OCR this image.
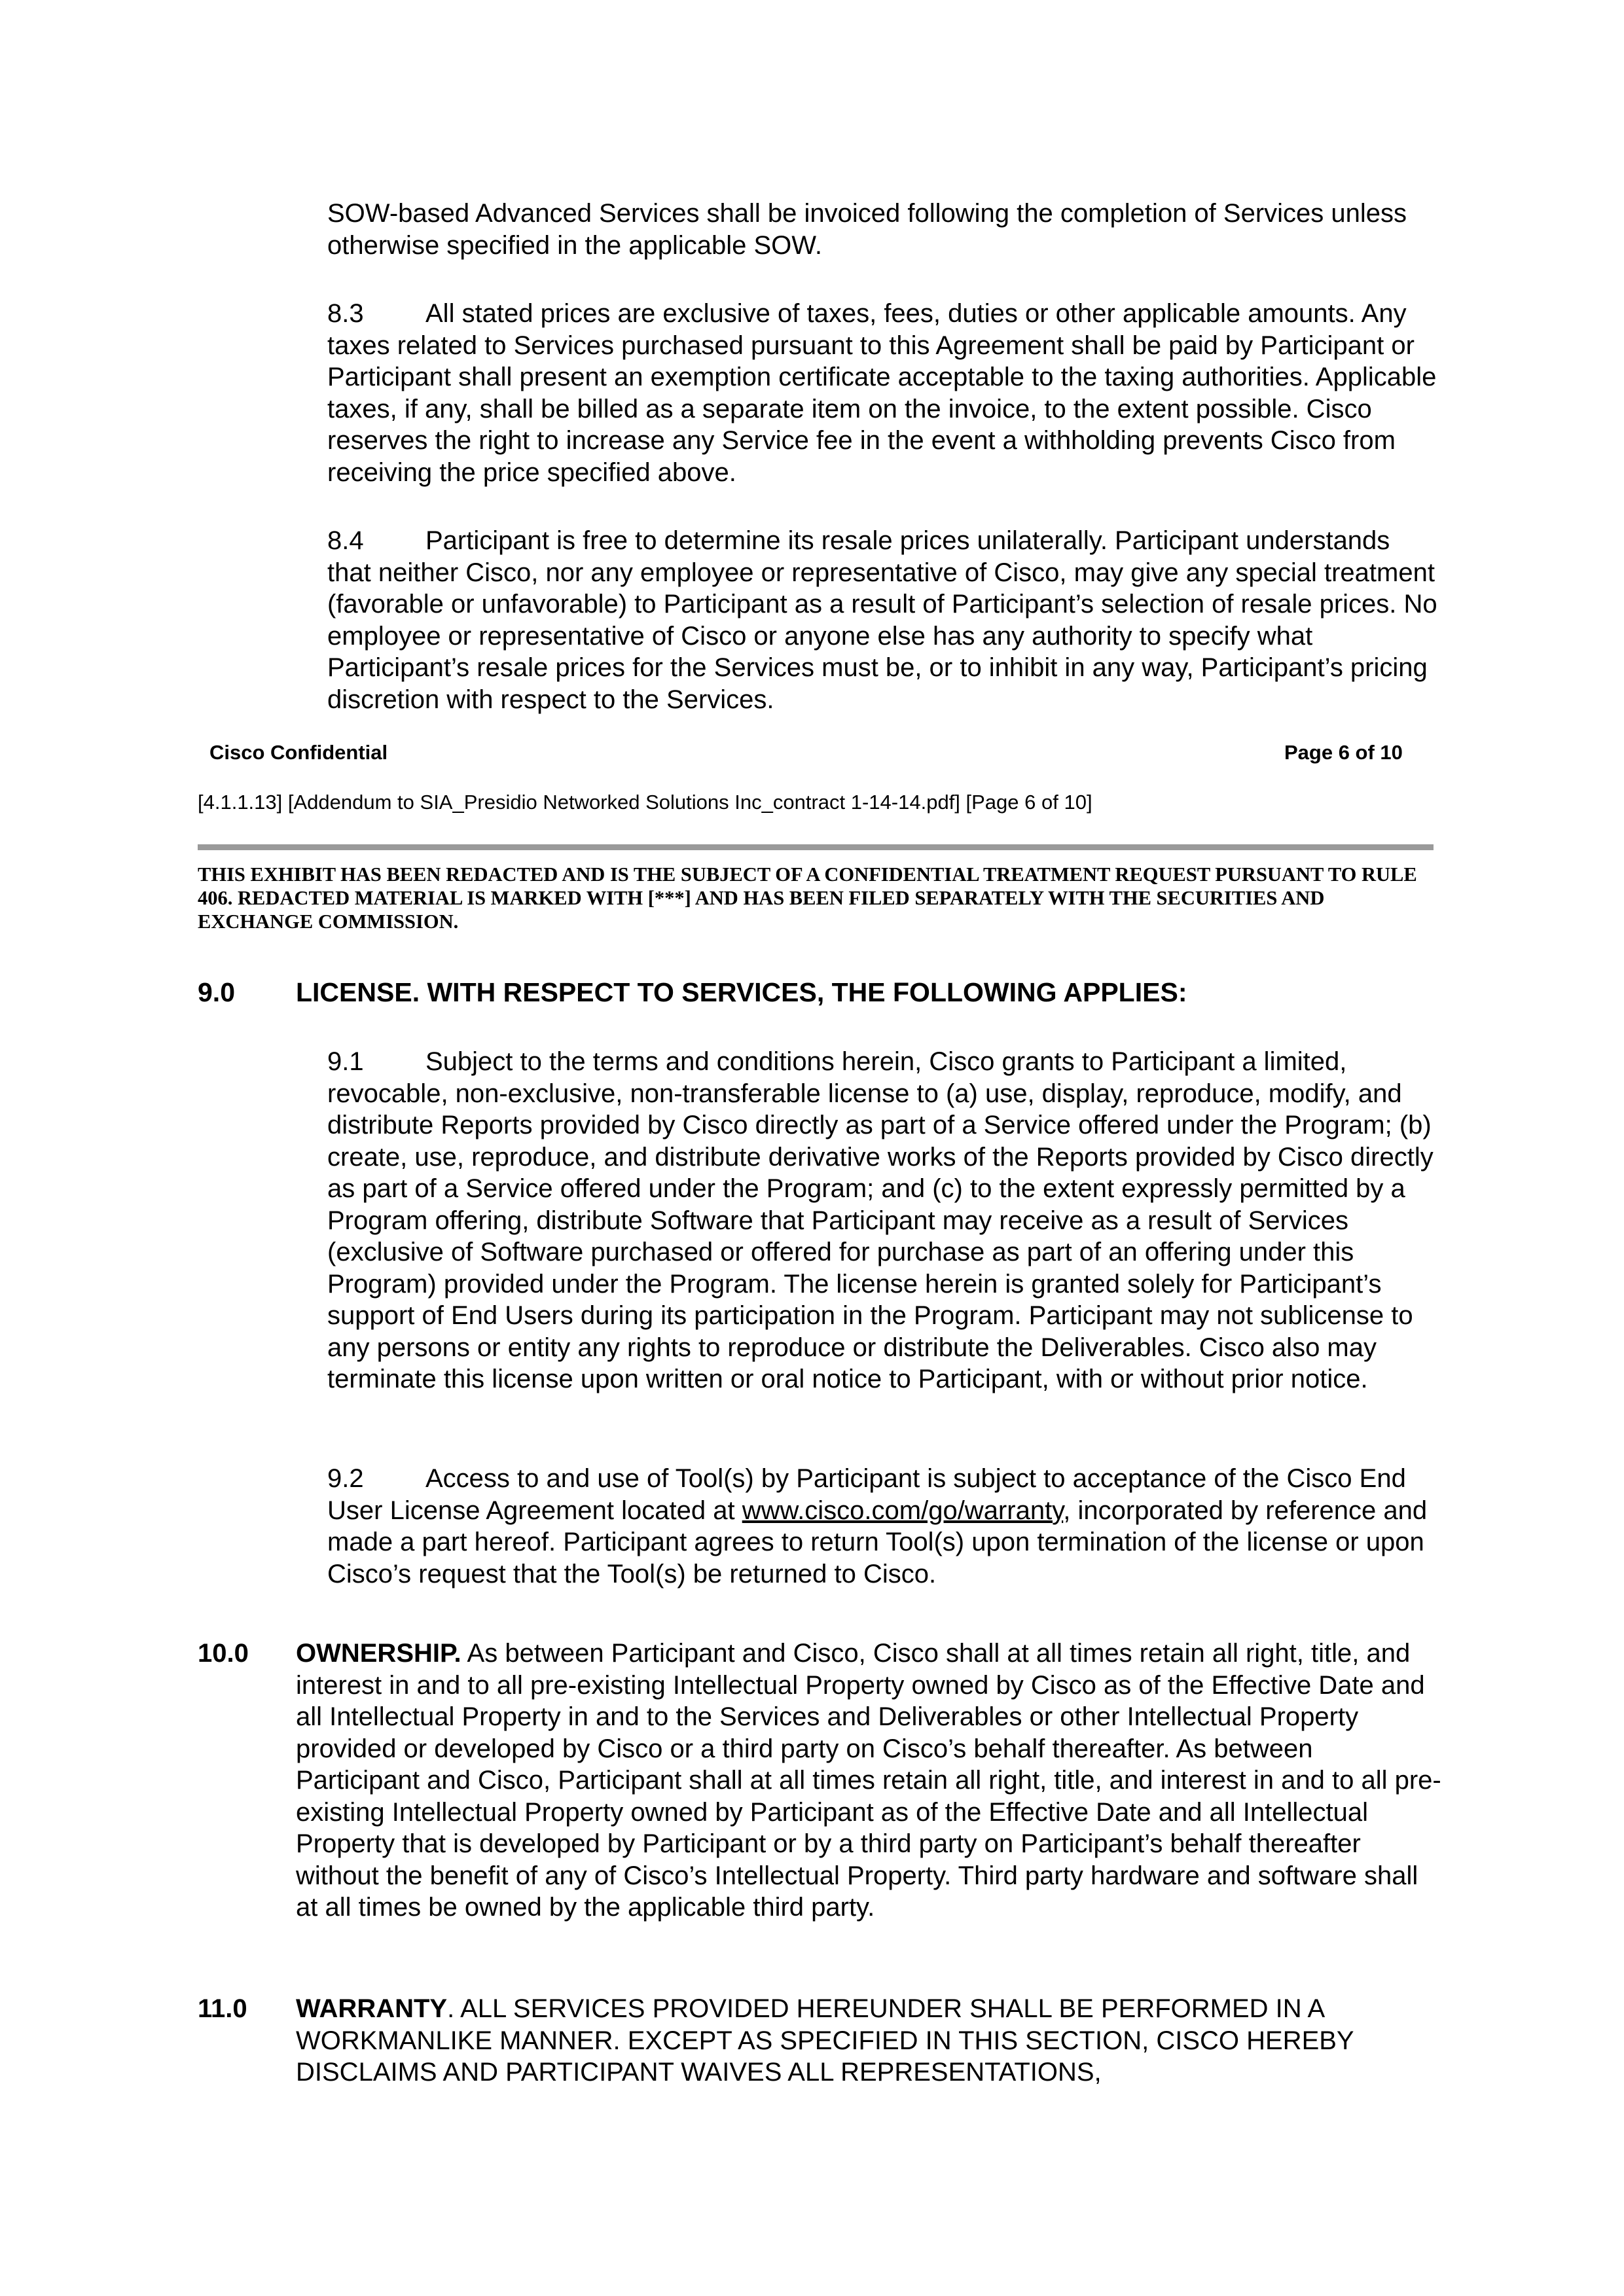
SOW-based Advanced Services shall be invoiced following the completion of Services unless otherwise specified in the applicable SOW.

8.3 All stated prices are exclusive of taxes, fees, duties or other applicable amounts. Any taxes related to Services purchased pursuant to this Agreement shall be paid by Participant or Participant shall present an exemption certificate acceptable to the taxing authorities. Applicable taxes, if any, shall be billed as a separate item on the invoice, to the extent possible. Cisco reserves the right to increase any Service fee in the event a withholding prevents Cisco from receiving the price specified above.

8.4 Participant is free to determine its resale prices unilaterally. Participant understands that neither Cisco, nor any employee or representative of Cisco, may give any special treatment (favorable or unfavorable) to Participant as a result of Participant’s selection of resale prices. No employee or representative of Cisco or anyone else has any authority to specify what Participant’s resale prices for the Services must be, or to inhibit in any way, Participant’s pricing discretion with respect to the Services.

Cisco Confidential	Page 6 of 10
[4.1.1.13] [Addendum to SIA_Presidio Networked Solutions Inc_contract 1-14-14.pdf] [Page 6 of 10]
THIS EXHIBIT HAS BEEN REDACTED AND IS THE SUBJECT OF A CONFIDENTIAL TREATMENT REQUEST PURSUANT TO RULE 406. REDACTED MATERIAL IS MARKED WITH [***] AND HAS BEEN FILED SEPARATELY WITH THE SECURITIES AND EXCHANGE COMMISSION.
9.0 LICENSE. WITH RESPECT TO SERVICES, THE FOLLOWING APPLIES:

9.1 Subject to the terms and conditions herein, Cisco grants to Participant a limited, revocable, non-exclusive, non-transferable license to (a) use, display, reproduce, modify, and distribute Reports provided by Cisco directly as part of a Service offered under the Program; (b) create, use, reproduce, and distribute derivative works of the Reports provided by Cisco directly as part of a Service offered under the Program; and (c) to the extent expressly permitted by a Program offering, distribute Software that Participant may receive as a result of Services (exclusive of Software purchased or offered for purchase as part of an offering under this Program) provided under the Program. The license herein is granted solely for Participant’s support of End Users during its participation in the Program. Participant may not sublicense to any persons or entity any rights to reproduce or distribute the Deliverables. Cisco also may terminate this license upon written or oral notice to Participant, with or without prior notice.

9.2 Access to and use of Tool(s) by Participant is subject to acceptance of the Cisco End User License Agreement located at www.cisco.com/go/warranty, incorporated by reference and made a part hereof. Participant agrees to return Tool(s) upon termination of the license or upon Cisco’s request that the Tool(s) be returned to Cisco.

10.0 OWNERSHIP. As between Participant and Cisco, Cisco shall at all times retain all right, title, and interest in and to all pre-existing Intellectual Property owned by Cisco as of the Effective Date and all Intellectual Property in and to the Services and Deliverables or other Intellectual Property provided or developed by Cisco or a third party on Cisco’s behalf thereafter. As between Participant and Cisco, Participant shall at all times retain all right, title, and interest in and to all pre-existing Intellectual Property owned by Participant as of the Effective Date and all Intellectual Property that is developed by Participant or by a third party on Participant’s behalf thereafter without the benefit of any of Cisco’s Intellectual Property. Third party hardware and software shall at all times be owned by the applicable third party.
11.0 WARRANTY. ALL SERVICES PROVIDED HEREUNDER SHALL BE PERFORMED IN A WORKMANLIKE MANNER. EXCEPT AS SPECIFIED IN THIS SECTION, CISCO HEREBY DISCLAIMS AND PARTICIPANT WAIVES ALL REPRESENTATIONS,
